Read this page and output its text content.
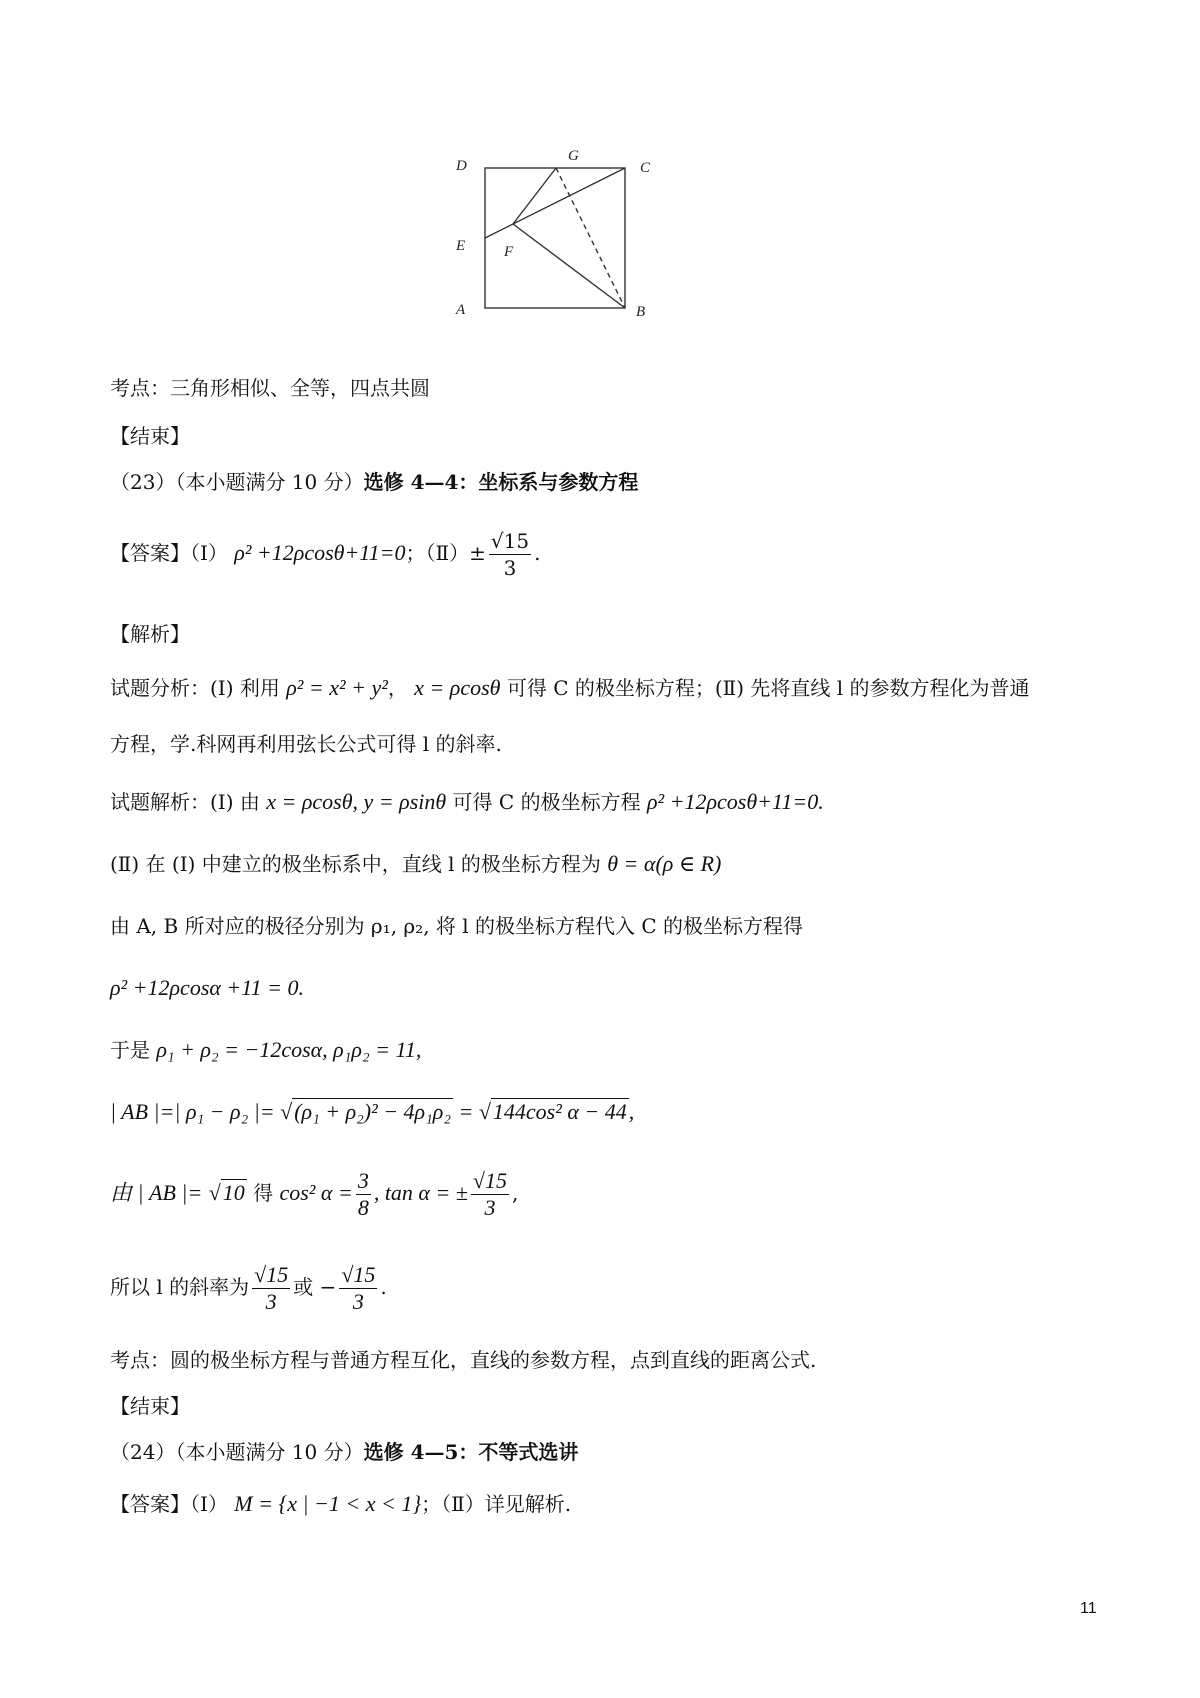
D
G
C
E	F
A	B
考点：三角形相似、全等，四点共圆
【结束】
（23）（本小题满分 10 分）选修 4—4：坐标系与参数方程
【答案】（Ⅰ） ρ² +12ρcosθ+11=0；（Ⅱ）± $\frac{√15}{3}$ .
【解析】
试题分析：(Ⅰ) 利用 ρ² = x² + y²， x = ρcosθ 可得 C 的极坐标方程；(Ⅱ) 先将直线 l 的参数方程化为普通
方程，学.科网再利用弦长公式可得 l 的斜率.
试题解析：(Ⅰ) 由 x = ρcosθ, y = ρsinθ 可得 C 的极坐标方程 ρ² +12ρcosθ+11=0.
(Ⅱ) 在 (Ⅰ) 中建立的极坐标系中，直线 l 的极坐标方程为 θ = α(ρ ∈ R)
由 A, B 所对应的极径分别为 ρ₁, ρ₂, 将 l 的极坐标方程代入 C 的极坐标方程得
ρ² +12ρcosα +11 = 0.
于是 ρ₁ + ρ₂ = −12cosα, ρ₁ρ₂ = 11,
| AB |=| ρ₁ − ρ₂ |= √(ρ₁ + ρ₂)² − 4ρ₁ρ₂ = √144cos² α − 44,
由 | AB |= √10 得 cos² $\alpha = \frac{3}{8}$ , tan α = ± $\frac{√15}{3}$ ,
所以 l 的斜率为 $\frac{√15}{3}$ 或 − $\frac{√15}{3}$ .
考点：圆的极坐标方程与普通方程互化，直线的参数方程，点到直线的距离公式.
【结束】
（24）（本小题满分 10 分）选修 4—5：不等式选讲
【答案】（Ⅰ） M = {x | −1 < x < 1}；（Ⅱ）详见解析.
11
